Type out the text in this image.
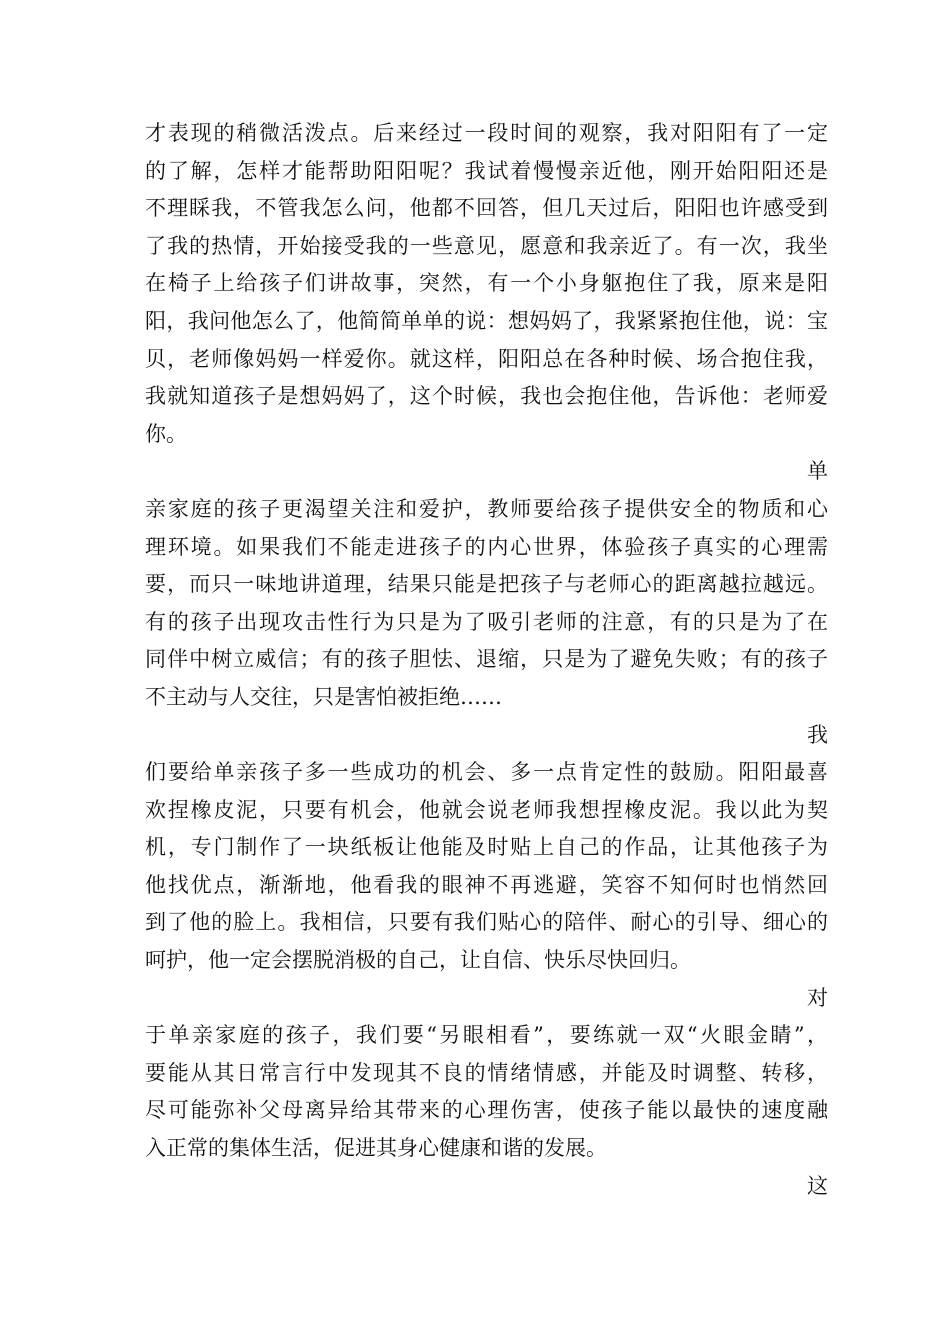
才表现的稍微活泼点。后来经过一段时间的观察，我对阳阳有了一定
的了解，怎样才能帮助阳阳呢？我试着慢慢亲近他，刚开始阳阳还是
不理睬我，不管我怎么问，他都不回答，但几天过后，阳阳也许感受到
了我的热情，开始接受我的一些意见，愿意和我亲近了。有一次，我坐
在椅子上给孩子们讲故事，突然，有一个小身躯抱住了我，原来是阳
阳，我问他怎么了，他简简单单的说：想妈妈了，我紧紧抱住他，说：宝
贝，老师像妈妈一样爱你。就这样，阳阳总在各种时候、场合抱住我，
我就知道孩子是想妈妈了，这个时候，我也会抱住他，告诉他：老师爱
你。
单
亲家庭的孩子更渴望关注和爱护，教师要给孩子提供安全的物质和心
理环境。如果我们不能走进孩子的内心世界，体验孩子真实的心理需
要，而只一味地讲道理，结果只能是把孩子与老师心的距离越拉越远。
有的孩子出现攻击性行为只是为了吸引老师的注意，有的只是为了在
同伴中树立威信；有的孩子胆怯、退缩，只是为了避免失败；有的孩子
不主动与人交往，只是害怕被拒绝……
我
们要给单亲孩子多一些成功的机会、多一点肯定性的鼓励。阳阳最喜
欢捏橡皮泥，只要有机会，他就会说老师我想捏橡皮泥。我以此为契
机，专门制作了一块纸板让他能及时贴上自己的作品，让其他孩子为
他找优点，渐渐地，他看我的眼神不再逃避，笑容不知何时也悄然回
到了他的脸上。我相信，只要有我们贴心的陪伴、耐心的引导、细心的
呵护，他一定会摆脱消极的自己，让自信、快乐尽快回归。
对
于单亲家庭的孩子，我们要“另眼相看”，要练就一双“火眼金睛”，
要能从其日常言行中发现其不良的情绪情感，并能及时调整、转移，
尽可能弥补父母离异给其带来的心理伤害，使孩子能以最快的速度融
入正常的集体生活，促进其身心健康和谐的发展。
这
